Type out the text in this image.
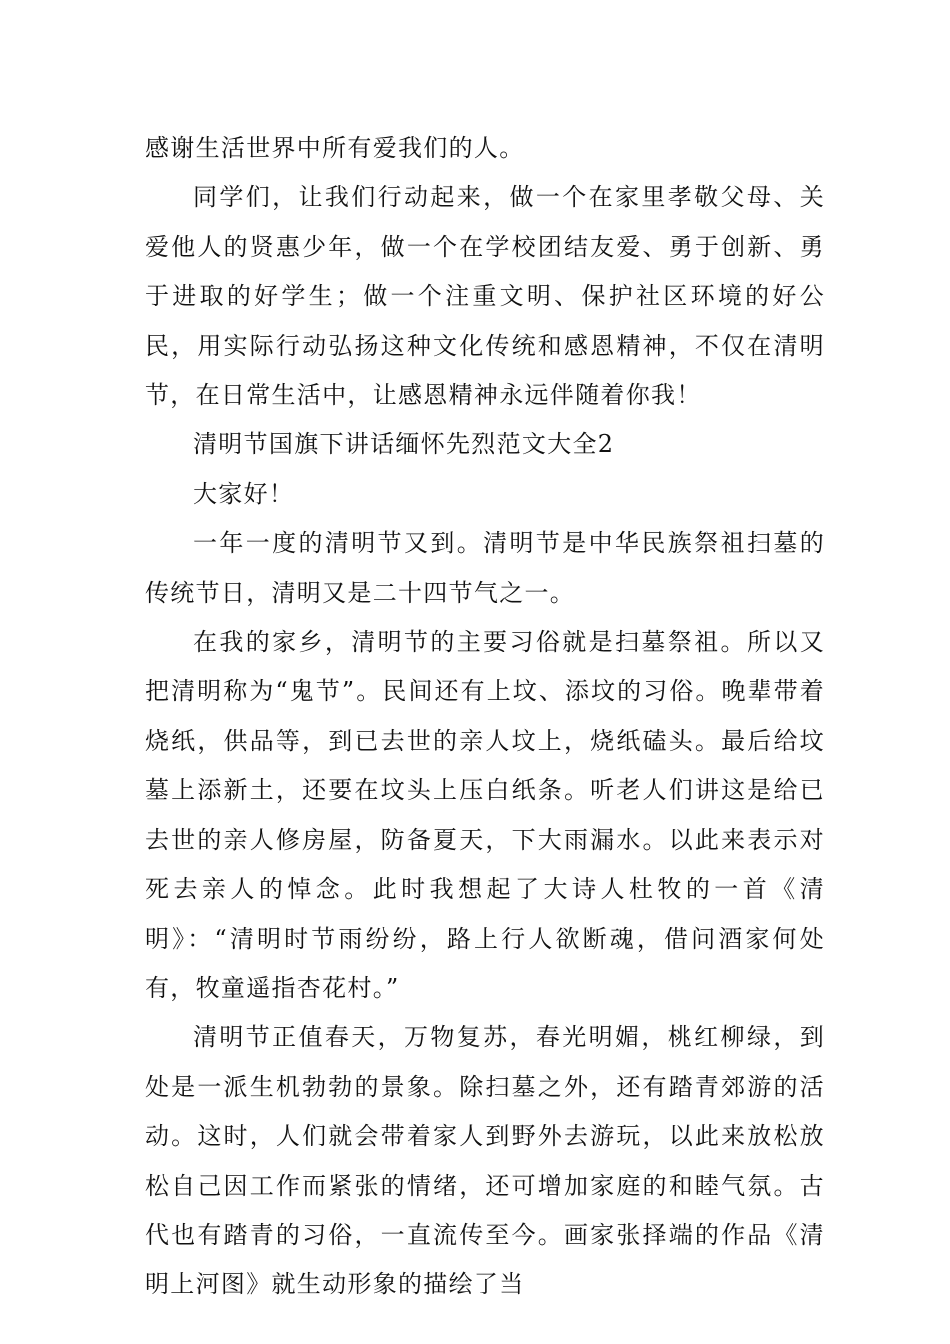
感谢生活世界中所有爱我们的人。

同学们，让我们行动起来，做一个在家里孝敬父母、关爱他人的贤惠少年，做一个在学校团结友爱、勇于创新、勇于进取的好学生；做一个注重文明、保护社区环境的好公民，用实际行动弘扬这种文化传统和感恩精神，不仅在清明节，在日常生活中，让感恩精神永远伴随着你我！

清明节国旗下讲话缅怀先烈范文大全2

大家好！

一年一度的清明节又到。清明节是中华民族祭祖扫墓的传统节日，清明又是二十四节气之一。

在我的家乡，清明节的主要习俗就是扫墓祭祖。所以又把清明称为“鬼节”。民间还有上坟、添坟的习俗。晚辈带着烧纸，供品等，到已去世的亲人坟上，烧纸磕头。最后给坟墓上添新土，还要在坟头上压白纸条。听老人们讲这是给已去世的亲人修房屋，防备夏天，下大雨漏水。以此来表示对死去亲人的悼念。此时我想起了大诗人杜牧的一首《清明》：“清明时节雨纷纷，路上行人欲断魂，借问酒家何处有，牧童遥指杏花村。”

清明节正值春天，万物复苏，春光明媚，桃红柳绿，到处是一派生机勃勃的景象。除扫墓之外，还有踏青郊游的活动。这时，人们就会带着家人到野外去游玩，以此来放松放松自己因工作而紧张的情绪，还可增加家庭的和睦气氛。古代也有踏青的习俗，一直流传至今。画家张择端的作品《清明上河图》就生动形象的描绘了当
